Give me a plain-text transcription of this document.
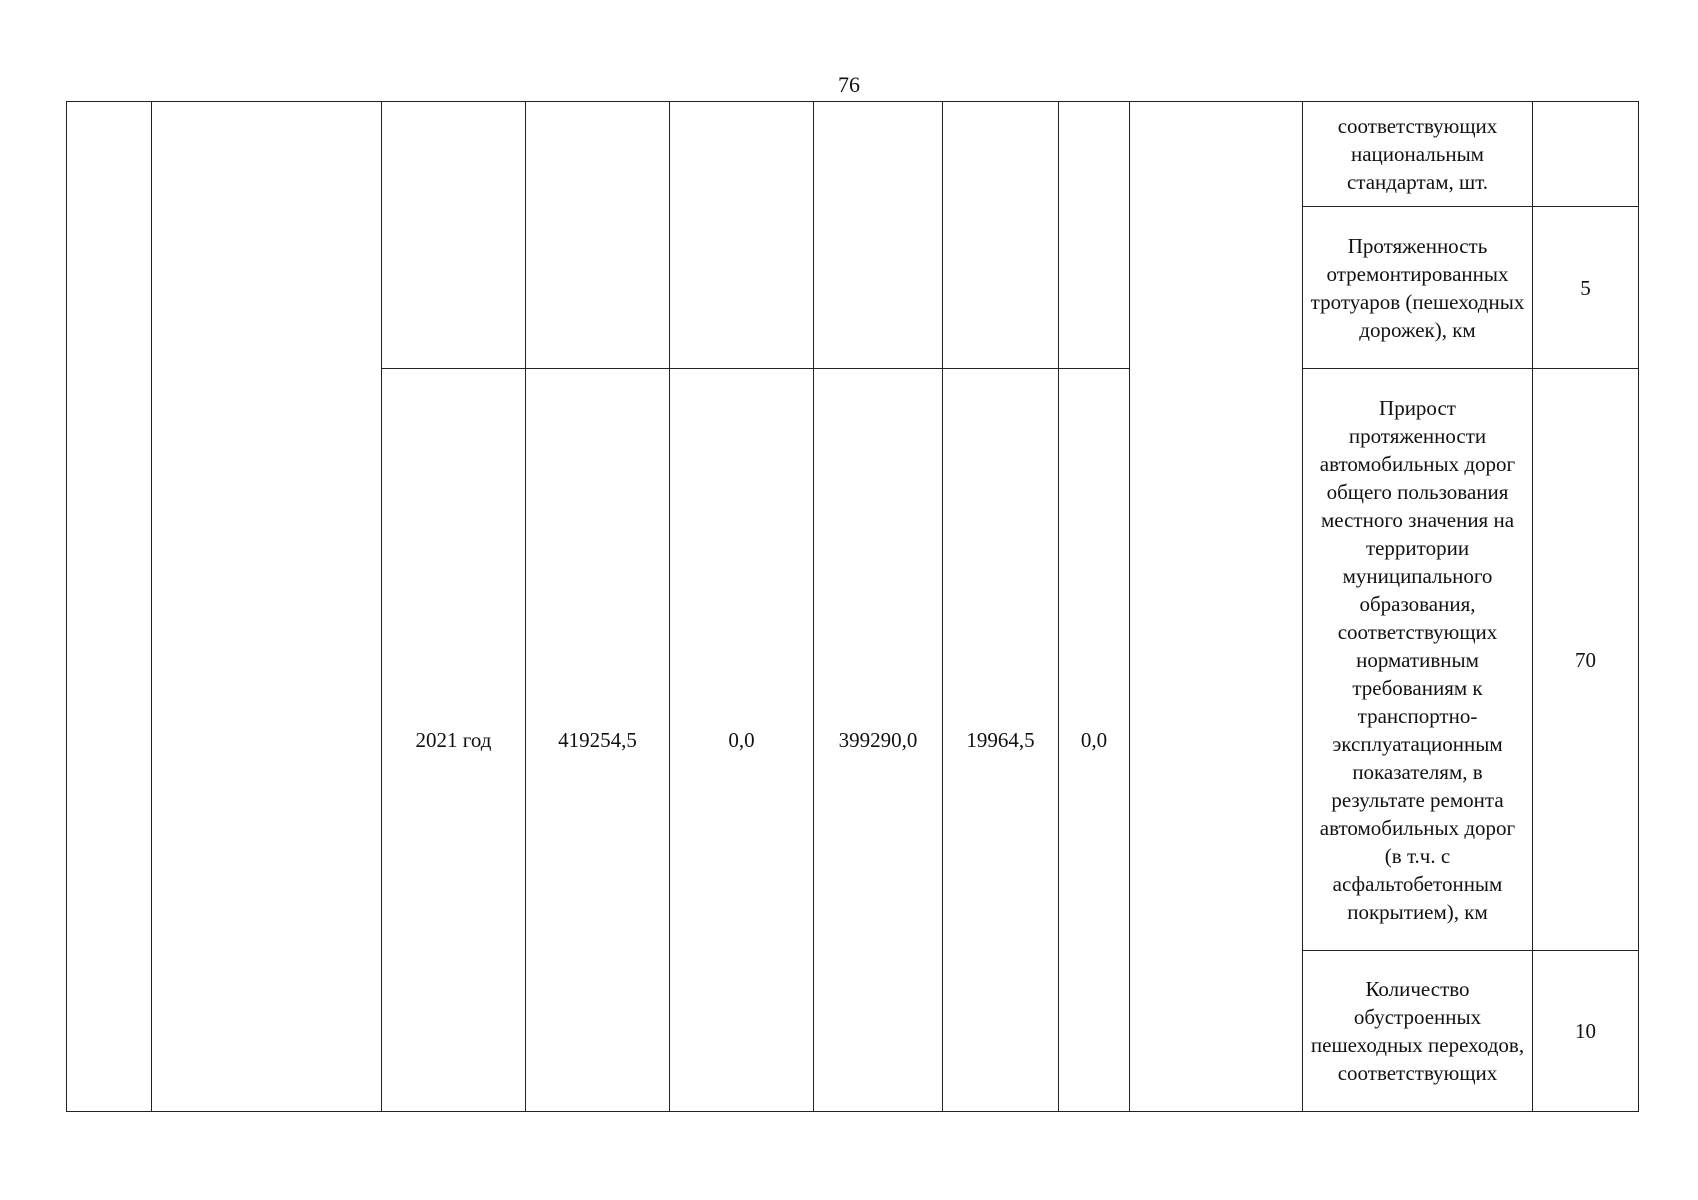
76
									соответствующих национальным стандартам, шт.	
									Протяженность отремонтированных тротуаров (пешеходных дорожек), км	5
		2021 год	419254,5	0,0	399290,0	19964,5	0,0		Прирост протяженности автомобильных дорог общего пользования местного значения на территории муниципального образования, соответствующих нормативным требованиям к транспортно-эксплуатационным показателям, в результате ремонта автомобильных дорог (в т.ч. с асфальтобетонным покрытием), км	70
									Количество обустроенных пешеходных переходов, соответствующих	10
